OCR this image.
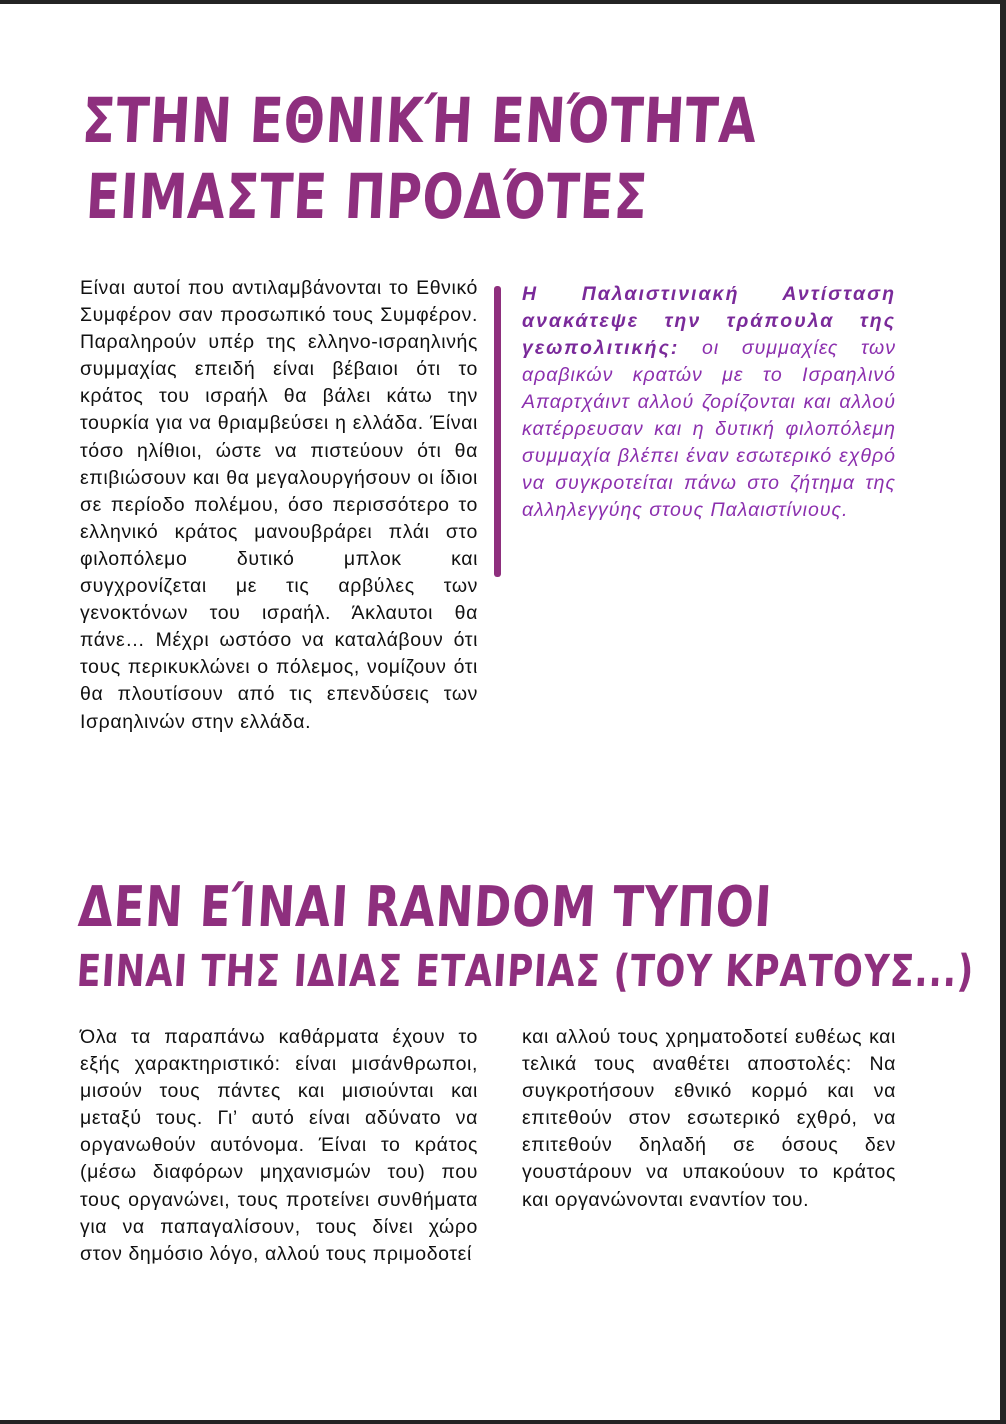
ΣΤΗΝ ΕΘΝΙΚΉ ΕΝΌΤΗΤΑ
ΕΙΜΑΣΤΕ ΠΡΟΔΌΤΕΣ

Είναι αυτοί που αντιλαμβάνονται το Εθνικό Συμφέρον σαν προσωπικό τους Συμφέρον. Παραληρούν υπέρ της ελληνο-ισραηλινής συμμαχίας επειδή είναι βέβαιοι ότι το κράτος του ισραήλ θα βάλει κάτω την τουρκία για να θριαμβεύσει η ελλάδα. Έίναι τόσο ηλίθιοι, ώστε να πιστεύουν ότι θα επιβιώσουν και θα μεγαλουργήσουν οι ίδιοι σε περίοδο πολέμου, όσο περισσότερο το ελληνικό κράτος μανουβράρει πλάι στο φιλοπόλεμο δυτικό μπλοκ και συγχρονίζεται με τις αρβύλες των γενοκτόνων του ισραήλ. Άκλαυτοι θα πάνε… Μέχρι ωστόσο να καταλάβουν ότι τους περικυκλώνει ο πόλεμος, νομίζουν ότι θα πλουτίσουν από τις επενδύσεις των Ισραηλινών στην ελλάδα.

Η Παλαιστινιακή Αντίσταση ανακάτεψε την τράπουλα της γεωπολιτικής: οι συμμαχίες των αραβικών κρατών με το Ισραηλινό Απαρτχάιντ αλλού ζορίζονται και αλλού κατέρρευσαν και η δυτική φιλοπόλεμη συμμαχία βλέπει έναν εσωτερικό εχθρό να συγκροτείται πάνω στο ζήτημα της αλληλεγγύης στους Παλαιστίνιους.
ΔΕΝ ΕΊΝΑΙ RANDOM ΤΥΠΟΙ
ΕΙΝΑΙ ΤΗΣ ΙΔΙΑΣ ΕΤΑΙΡΙΑΣ (ΤΟΥ ΚΡΑΤΟΥΣ...)

Όλα τα παραπάνω καθάρματα έχουν το εξής χαρακτηριστικό: είναι μισάνθρωποι, μισούν τους πάντες και μισιούνται και μεταξύ τους. Γι’ αυτό είναι αδύνατο να οργανωθούν αυτόνομα. Έίναι το κράτος (μέσω διαφόρων μηχανισμών του) που τους οργανώνει, τους προτείνει συνθήματα για να παπαγαλίσουν, τους δίνει χώρο στον δημόσιο λόγο, αλλού τους πριμοδοτεί

και αλλού τους χρηματοδοτεί ευθέως και τελικά τους αναθέτει αποστολές: Να συγκροτήσουν εθνικό κορμό και να επιτεθούν στον εσωτερικό εχθρό, να επιτεθούν δηλαδή σε όσους δεν γουστάρουν να υπακούουν το κράτος και οργανώνονται εναντίον του.
